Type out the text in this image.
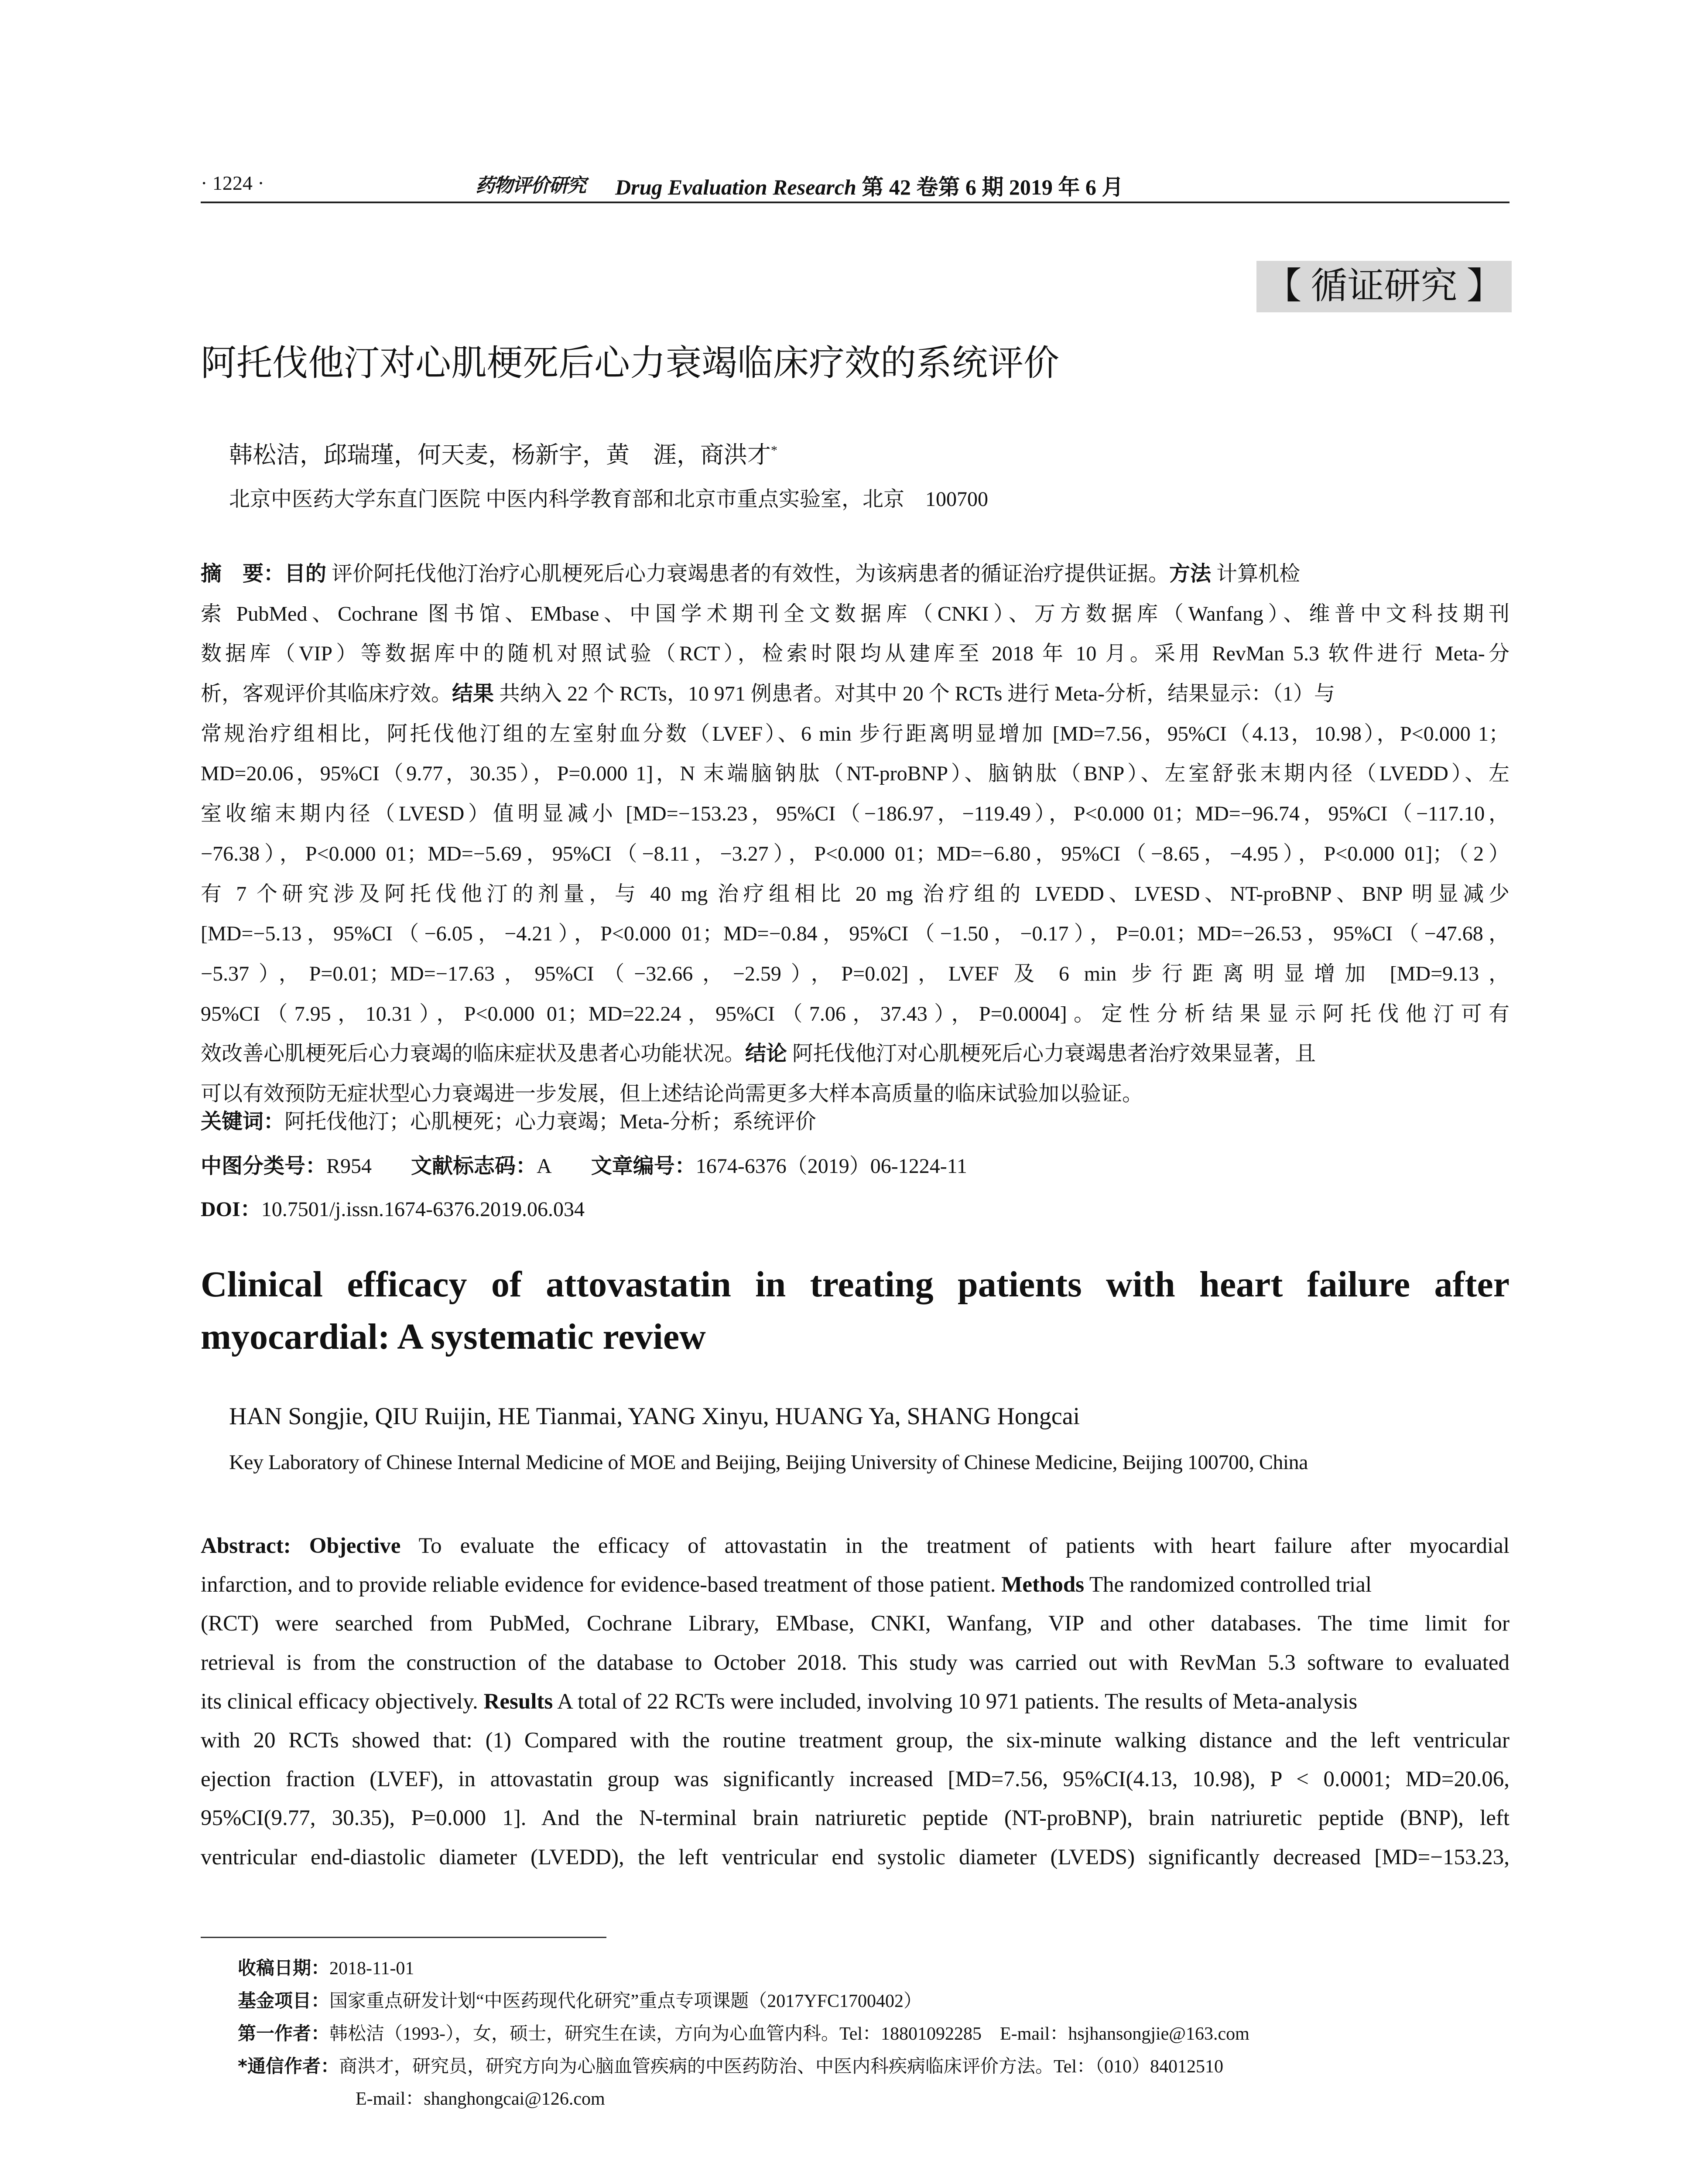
· 1224 ·	药物评价研究 Drug Evaluation Research 第 42 卷第 6 期 2019 年 6 月
【 循证研究 】
阿托伐他汀对心肌梗死后心力衰竭临床疗效的系统评价
韩松洁，邱瑞瑾，何天麦，杨新宇，黄　涯，商洪才*
北京中医药大学东直门医院 中医内科学教育部和北京市重点实验室，北京　100700
摘　要：目的 评价阿托伐他汀治疗心肌梗死后心力衰竭患者的有效性，为该病患者的循证治疗提供证据。方法 计算机检
索 PubMed、Cochrane 图书馆、EMbase、中国学术期刊全文数据库（CNKI）、万方数据库（Wanfang）、维普中文科技期刊
数据库（VIP）等数据库中的随机对照试验（RCT），检索时限均从建库至 2018 年 10 月。采用 RevMan 5.3 软件进行 Meta-分
析，客观评价其临床疗效。结果 共纳入 22 个 RCTs，10 971 例患者。对其中 20 个 RCTs 进行 Meta-分析，结果显示：（1）与
常规治疗组相比，阿托伐他汀组的左室射血分数（LVEF）、6 min 步行距离明显增加 [MD=7.56，95%CI（4.13，10.98），P<0.000 1；
MD=20.06，95%CI（9.77，30.35），P=0.000 1]，N 末端脑钠肽（NT-proBNP）、脑钠肽（BNP）、左室舒张末期内径（LVEDD）、左
室收缩末期内径（LVESD）值明显减小 [MD=−153.23，95%CI（−186.97，−119.49），P<0.000 01；MD=−96.74，95%CI（−117.10，
−76.38），P<0.000 01；MD=−5.69，95%CI（−8.11，−3.27），P<0.000 01；MD=−6.80，95%CI（−8.65，−4.95），P<0.000 01]；（2）
有 7 个研究涉及阿托伐他汀的剂量，与 40 mg 治疗组相比 20 mg 治疗组的 LVEDD、LVESD、NT-proBNP、BNP 明显减少
[MD=−5.13，95%CI（−6.05，−4.21），P<0.000 01；MD=−0.84，95%CI（−1.50，−0.17），P=0.01；MD=−26.53，95%CI（−47.68，
−5.37），P=0.01；MD=−17.63，95%CI（−32.66，−2.59），P=0.02]，LVEF 及 6 min 步行距离明显增加 [MD=9.13，
95%CI（7.95，10.31），P<0.000 01；MD=22.24，95%CI（7.06，37.43），P=0.0004]。定性分析结果显示阿托伐他汀可有
效改善心肌梗死后心力衰竭的临床症状及患者心功能状况。结论 阿托伐他汀对心肌梗死后心力衰竭患者治疗效果显著，且
可以有效预防无症状型心力衰竭进一步发展，但上述结论尚需更多大样本高质量的临床试验加以验证。
关键词：阿托伐他汀；心肌梗死；心力衰竭；Meta-分析；系统评价
中图分类号：R954 文献标志码：A 文章编号：1674-6376（2019）06-1224-11
DOI：10.7501/j.issn.1674-6376.2019.06.034
Clinical efficacy of attovastatin in treating patients with heart failure after
myocardial: A systematic review
HAN Songjie, QIU Ruijin, HE Tianmai, YANG Xinyu, HUANG Ya, SHANG Hongcai
Key Laboratory of Chinese Internal Medicine of MOE and Beijing, Beijing University of Chinese Medicine, Beijing 100700, China
Abstract: Objective To evaluate the efficacy of attovastatin in the treatment of patients with heart failure after myocardial
infarction, and to provide reliable evidence for evidence-based treatment of those patient. Methods The randomized controlled trial
(RCT) were searched from PubMed, Cochrane Library, EMbase, CNKI, Wanfang, VIP and other databases. The time limit for
retrieval is from the construction of the database to October 2018. This study was carried out with RevMan 5.3 software to evaluated
its clinical efficacy objectively. Results A total of 22 RCTs were included, involving 10 971 patients. The results of Meta-analysis
with 20 RCTs showed that: (1) Compared with the routine treatment group, the six-minute walking distance and the left ventricular
ejection fraction (LVEF), in attovastatin group was significantly increased [MD=7.56, 95%CI(4.13, 10.98), P < 0.0001; MD=20.06,
95%CI(9.77, 30.35), P=0.000 1]. And the N-terminal brain natriuretic peptide (NT-proBNP), brain natriuretic peptide (BNP), left
ventricular end-diastolic diameter (LVEDD), the left ventricular end systolic diameter (LVEDS) significantly decreased [MD=−153.23,
收稿日期：2018-11-01
基金项目：国家重点研发计划“中医药现代化研究”重点专项课题（2017YFC1700402）
第一作者：韩松洁（1993-），女，硕士，研究生在读，方向为心血管内科。Tel：18801092285　E-mail：hsjhansongjie@163.com
*通信作者：商洪才，研究员，研究方向为心脑血管疾病的中医药防治、中医内科疾病临床评价方法。Tel：（010）84012510
E-mail：shanghongcai@126.com
